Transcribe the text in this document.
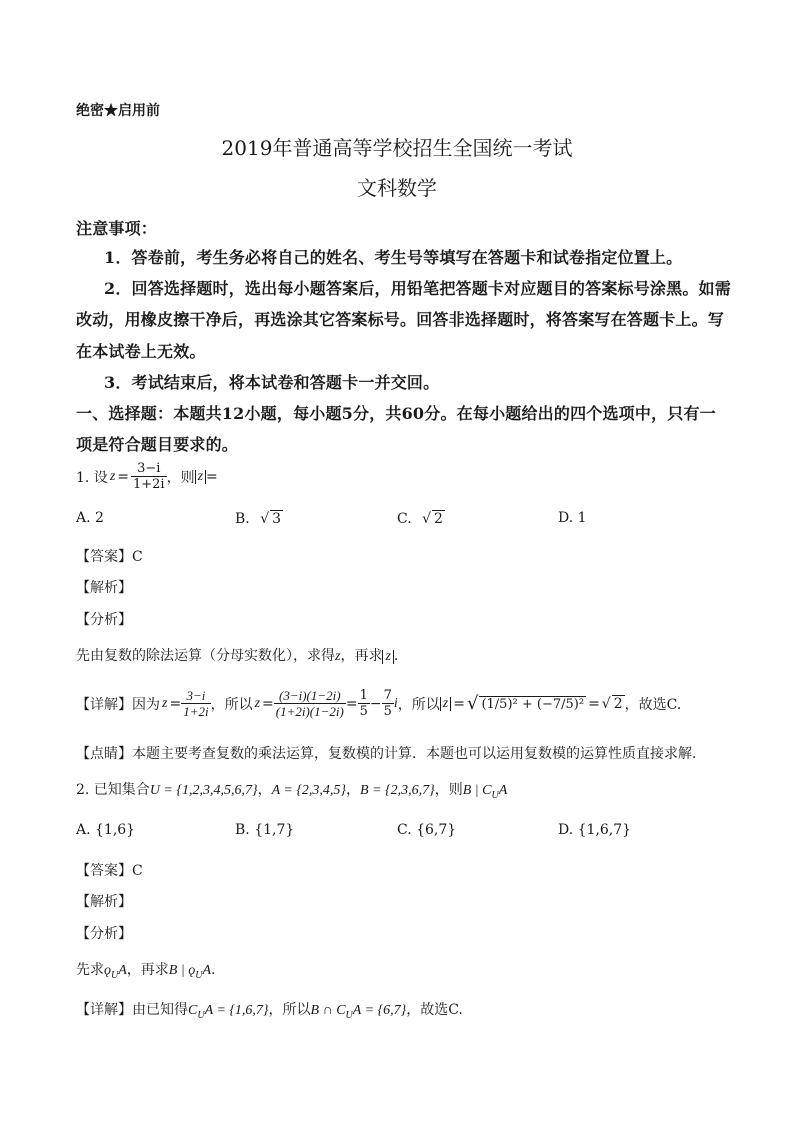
绝密★启用前
2019年普通高等学校招生全国统一考试
文科数学
注意事项：
1．答卷前，考生务必将自己的姓名、考生号等填写在答题卡和试卷指定位置上。
2．回答选择题时，选出每小题答案后，用铅笔把答题卡对应题目的答案标号涂黑。如需
改动，用橡皮擦干净后，再选涂其它答案标号。回答非选择题时，将答案写在答题卡上。写
在本试卷上无效。
3．考试结束后，将本试卷和答题卡一并交回。
一、选择题：本题共12小题，每小题5分，共60分。在每小题给出的四个选项中，只有一
项是符合题目要求的。
1. 设 $z = \frac{3-i}{1+2i}$ ，则 z =
A. 2	B. √ 3	C. √ 2	D. 1
【答案】C
【解析】
【分析】
先由复数的除法运算（分母实数化），求得z，再求 z .
【详解】 因为 $z = \frac{3-i}{1+2i}$ ，所以 $z = \frac{(3-i)(1-2i)}{(1+2i)(1-2i)} = \frac{1}{5} - \frac{7}{5}$ i ，所以 z = √ (1/5)² + (−7/5)² = √ 2 ，故选C.
【点睛】本题主要考查复数的乘法运算，复数模的计算．本题也可以运用复数模的运算性质直接求解．
2. 已知集合U = {1,2,3,4,5,6,7}，A = {2,3,4,5}，B = {2,3,6,7}，则B | $C_UA$
A. {1,6}	B. {1,7}	C. {6,7}	D. {1,6,7}
【答案】C
【解析】
【分析】
先求$ǫ_UA$，再求B | $ǫ_UA$.
【详解】由已知得$C_UA = \{1,6,7\}$，所以B ∩ $C_UA = \{6,7\}$，故选C.
